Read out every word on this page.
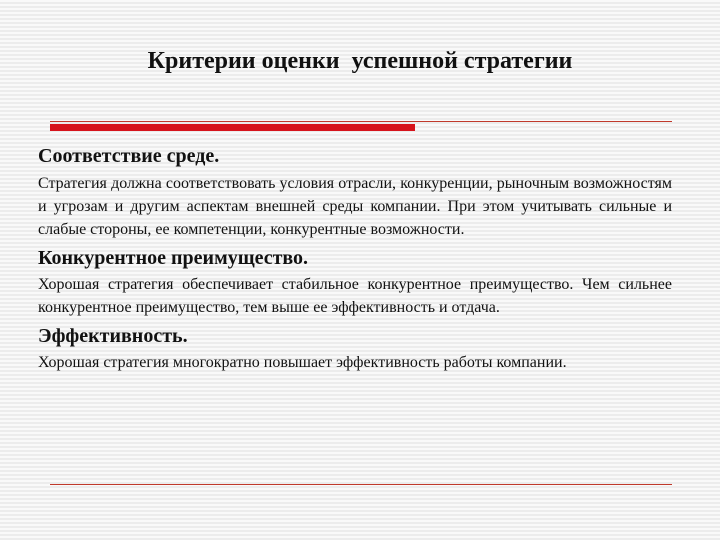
Критерии оценки  успешной стратегии
Соответствие среде.

Стратегия должна соответствовать условия отрасли, конкуренции, рыночным возможностям и угрозам и другим аспектам внешней среды компании. При этом учитывать сильные и слабые стороны, ее компетенции, конкурентные возможности.

Конкурентное преимущество.

Хорошая стратегия обеспечивает стабильное конкурентное преимущество. Чем сильнее конкурентное преимущество, тем выше ее эффективность и отдача.

Эффективность.

Хорошая стратегия многократно повышает эффективность работы компании.
